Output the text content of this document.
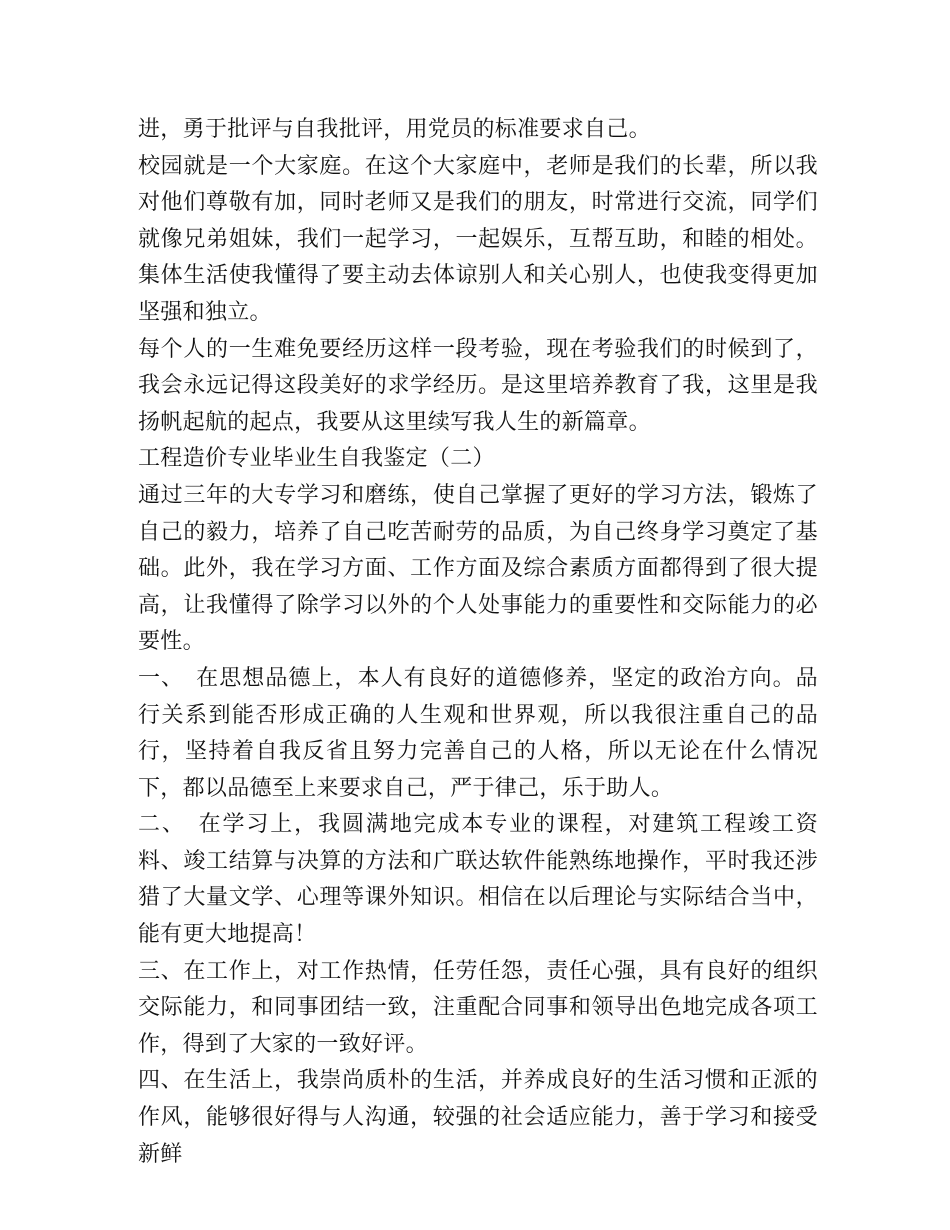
进，勇于批评与自我批评，用党员的标准要求自己。

校园就是一个大家庭。在这个大家庭中，老师是我们的长辈，所以我对他们尊敬有加，同时老师又是我们的朋友，时常进行交流，同学们就像兄弟姐妹，我们一起学习，一起娱乐，互帮互助，和睦的相处。集体生活使我懂得了要主动去体谅别人和关心别人，也使我变得更加坚强和独立。

每个人的一生难免要经历这样一段考验，现在考验我们的时候到了，我会永远记得这段美好的求学经历。是这里培养教育了我，这里是我扬帆起航的起点，我要从这里续写我人生的新篇章。

工程造价专业毕业生自我鉴定（二）

通过三年的大专学习和磨练，使自己掌握了更好的学习方法，锻炼了自己的毅力，培养了自己吃苦耐劳的品质，为自己终身学习奠定了基础。此外，我在学习方面、工作方面及综合素质方面都得到了很大提高，让我懂得了除学习以外的个人处事能力的重要性和交际能力的必要性。

一、　在思想品德上，本人有良好的道德修养，坚定的政治方向。品行关系到能否形成正确的人生观和世界观，所以我很注重自己的品行，坚持着自我反省且努力完善自己的人格，所以无论在什么情况下，都以品德至上来要求自己，严于律己，乐于助人。

二、　在学习上，我圆满地完成本专业的课程，对建筑工程竣工资料、竣工结算与决算的方法和广联达软件能熟练地操作，平时我还涉猎了大量文学、心理等课外知识。相信在以后理论与实际结合当中，能有更大地提高！

三、在工作上，对工作热情，任劳任怨，责任心强，具有良好的组织交际能力，和同事团结一致，注重配合同事和领导出色地完成各项工作，得到了大家的一致好评。

四、在生活上，我崇尚质朴的生活，并养成良好的生活习惯和正派的作风，能够很好得与人沟通，较强的社会适应能力，善于学习和接受新鲜
